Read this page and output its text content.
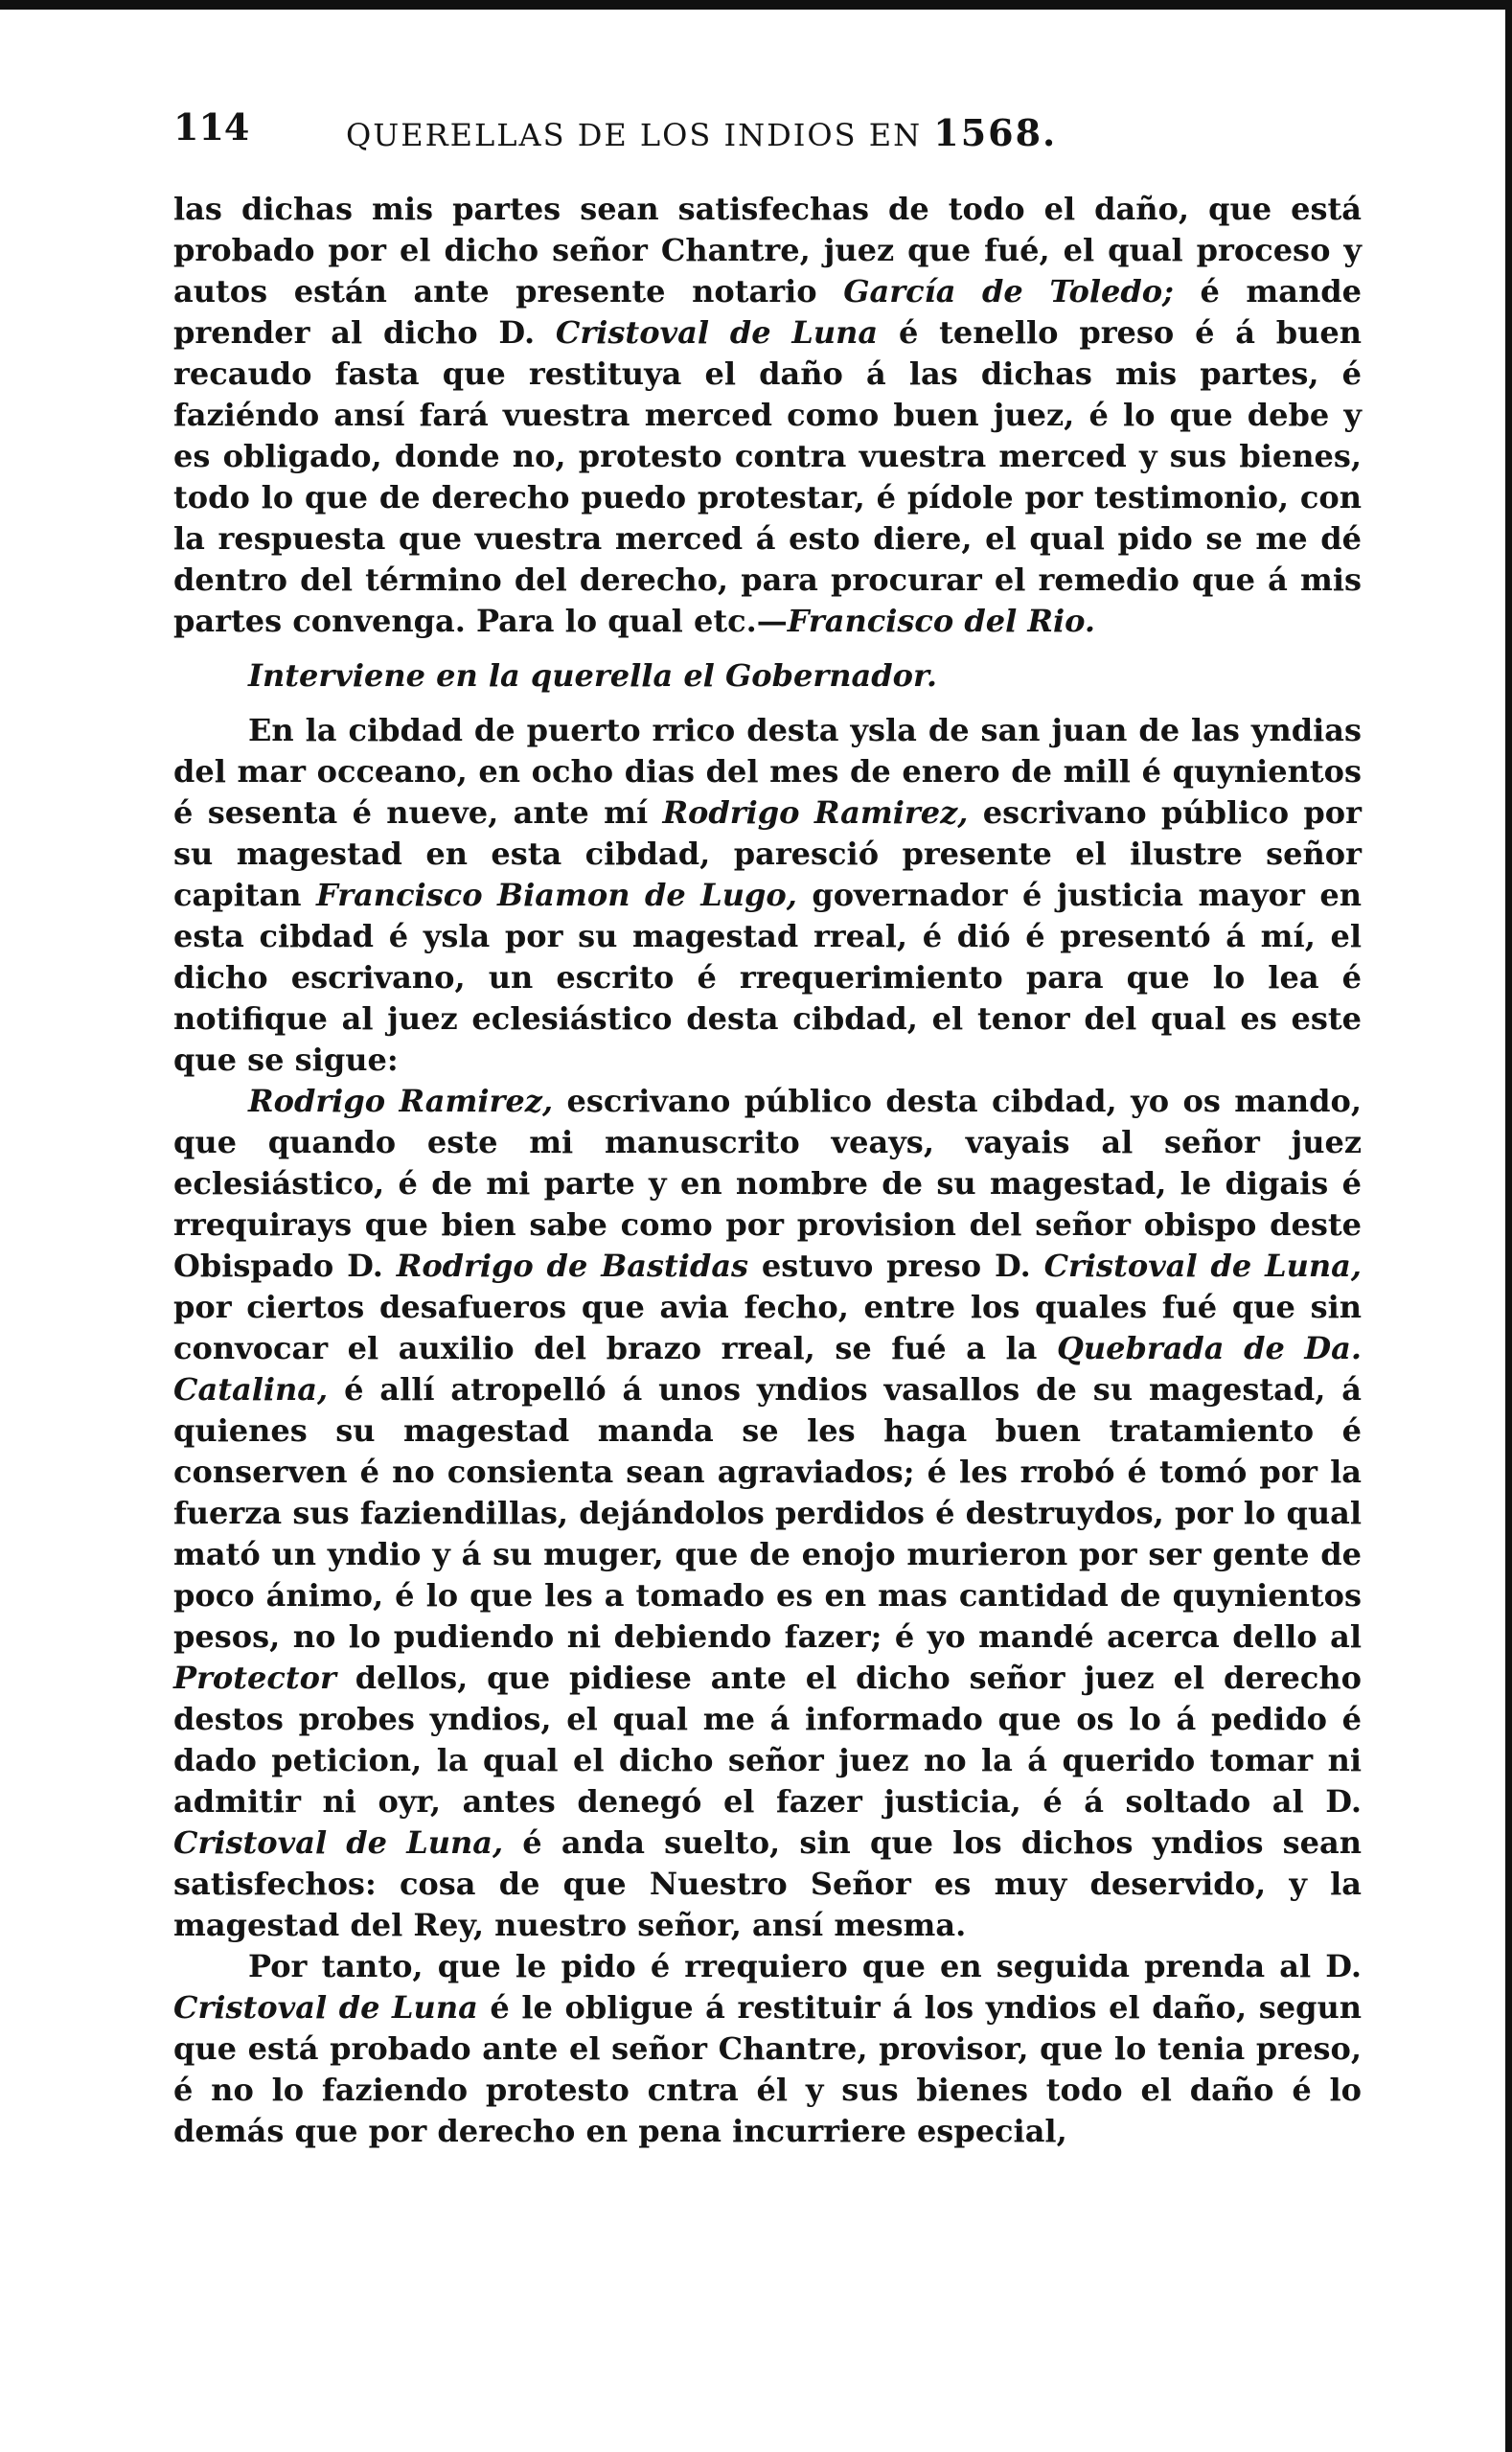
114	QUERELLAS DE LOS INDIOS EN 1568.

las dichas mis partes sean satisfechas de todo el daño, que está probado por el dicho señor Chantre, juez que fué, el qual proceso y autos están ante presente notario García de Toledo; é mande prender al dicho D. Cristoval de Luna é tenello preso é á buen recaudo fasta que restituya el daño á las dichas mis partes, é faziéndo ansí fará vuestra merced como buen juez, é lo que debe y es obligado, donde no, protesto contra vuestra merced y sus bienes, todo lo que de derecho puedo protestar, é pídole por testimonio, con la respuesta que vuestra merced á esto diere, el qual pido se me dé dentro del término del derecho, para procurar el remedio que á mis partes convenga. Para lo qual etc.—Francisco del Rio.

Interviene en la querella el Gobernador.

En la cibdad de puerto rrico desta ysla de san juan de las yndias del mar occeano, en ocho dias del mes de enero de mill é quynientos é sesenta é nueve, ante mí Rodrigo Ramirez, escrivano público por su magestad en esta cibdad, paresció presente el ilustre señor capitan Francisco Biamon de Lugo, governador é justicia mayor en esta cibdad é ysla por su magestad rreal, é dió é presentó á mí, el dicho escrivano, un escrito é rrequerimiento para que lo lea é notifique al juez eclesiástico desta cibdad, el tenor del qual es este que se sigue:

Rodrigo Ramirez, escrivano público desta cibdad, yo os mando, que quando este mi manuscrito veays, vayais al señor juez eclesiástico, é de mi parte y en nombre de su magestad, le digais é rrequirays que bien sabe como por provision del señor obispo deste Obispado D. Rodrigo de Bastidas estuvo preso D. Cristoval de Luna, por ciertos desafueros que avia fecho, entre los quales fué que sin convocar el auxilio del brazo rreal, se fué a la Quebrada de Da. Catalina, é allí atropelló á unos yndios vasallos de su magestad, á quienes su magestad manda se les haga buen tratamiento é conserven é no consienta sean agraviados; é les rrobó é tomó por la fuerza sus faziendillas, dejándolos perdidos é destruydos, por lo qual mató un yndio y á su muger, que de enojo murieron por ser gente de poco ánimo, é lo que les a tomado es en mas cantidad de quynientos pesos, no lo pudiendo ni debiendo fazer; é yo mandé acerca dello al Protector dellos, que pidiese ante el dicho señor juez el derecho destos probes yndios, el qual me á informado que os lo á pedido é dado peticion, la qual el dicho señor juez no la á querido tomar ni admitir ni oyr, antes denegó el fazer justicia, é á soltado al D. Cristoval de Luna, é anda suelto, sin que los dichos yndios sean satisfechos: cosa de que Nuestro Señor es muy deservido, y la magestad del Rey, nuestro señor, ansí mesma.

Por tanto, que le pido é rrequiero que en seguida prenda al D. Cristoval de Luna é le obligue á restituir á los yndios el daño, segun que está probado ante el señor Chantre, provisor, que lo tenia preso, é no lo faziendo protesto cntra él y sus bienes todo el daño é lo demás que por derecho en pena incurriere especial,
